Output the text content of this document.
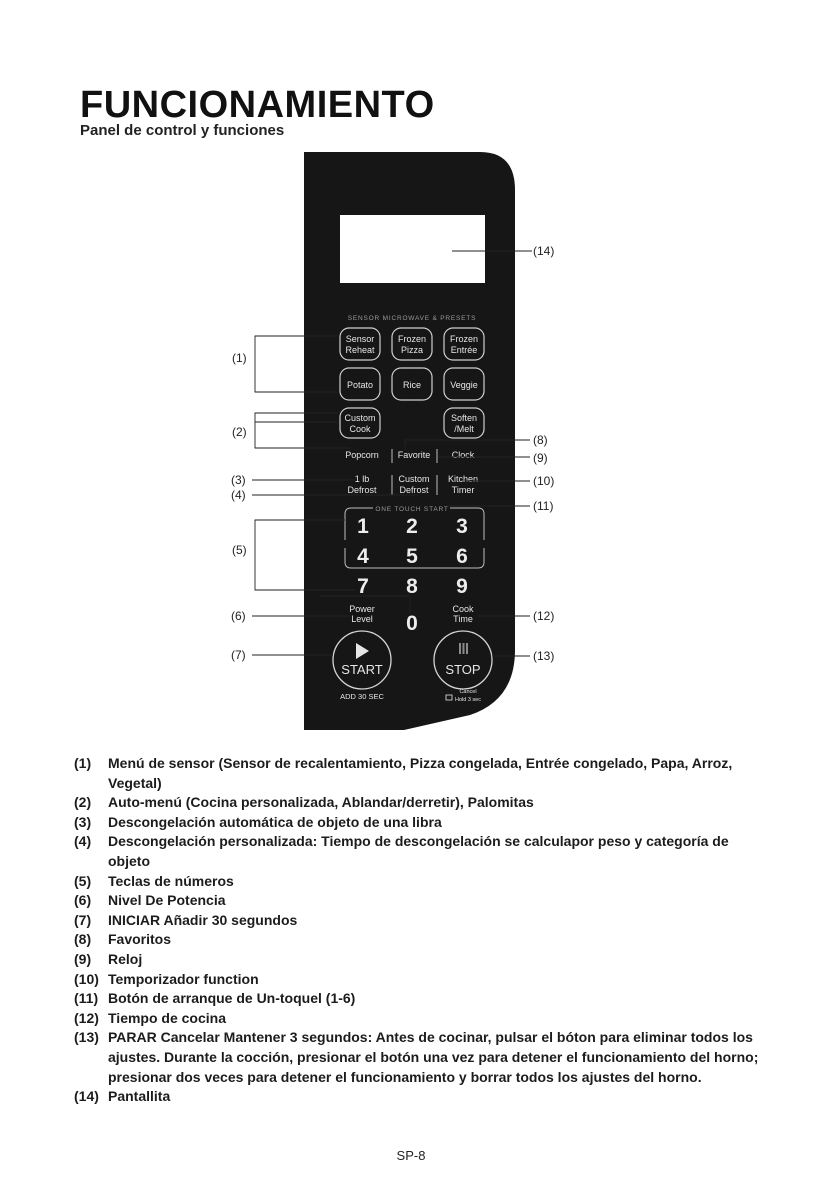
FUNCIONAMIENTO
Panel de control y funciones
SENSOR MICROWAVE & PRESETS
Sensor
Reheat
Frozen
Pizza
Frozen
Entrée
Potato	Rice	Veggie
Custom
Cook
Soften
/Melt
Popcorn Favorite Clock
1 lb
Defrost
Custom
Defrost
Kitchen
Timer
ONE TOUCH START
1 2 3
4 5 6
7 8 9
0
Power
Level
Cook
Time
START	STOP
ADD 30 SEC	Cancel
Hold 3 sec
(14)
(1)
(2)
(8)
(9)
(3)	(10)
(4)
(11)
(5)
(6)	(12)
(7)	(13)
(1)	Menú de sensor (Sensor de recalentamiento, Pizza congelada, Entrée congelado, Papa, Arroz, Vegetal)
(2)	Auto-menú (Cocina personalizada, Ablandar/derretir), Palomitas
(3)	Descongelación automática de objeto de una libra
(4)	Descongelación personalizada: Tiempo de descongelación se calculapor peso y categoría de objeto
(5)	Teclas de números
(6)	Nivel De Potencia
(7)	INICIAR Añadir 30 segundos
(8)	Favoritos
(9)	Reloj
(10) Temporizador function
(11) Botón de arranque de Un-toquel (1-6)
(12) Tiempo de cocina
(13) PARAR Cancelar Mantener 3 segundos: Antes de cocinar, pulsar el bóton para eliminar todos los ajustes. Durante la cocción, presionar el botón una vez para detener el funcionamiento del horno; presionar dos veces para detener el funcionamiento y borrar todos los ajustes del horno.
(14) Pantallita
SP-8
